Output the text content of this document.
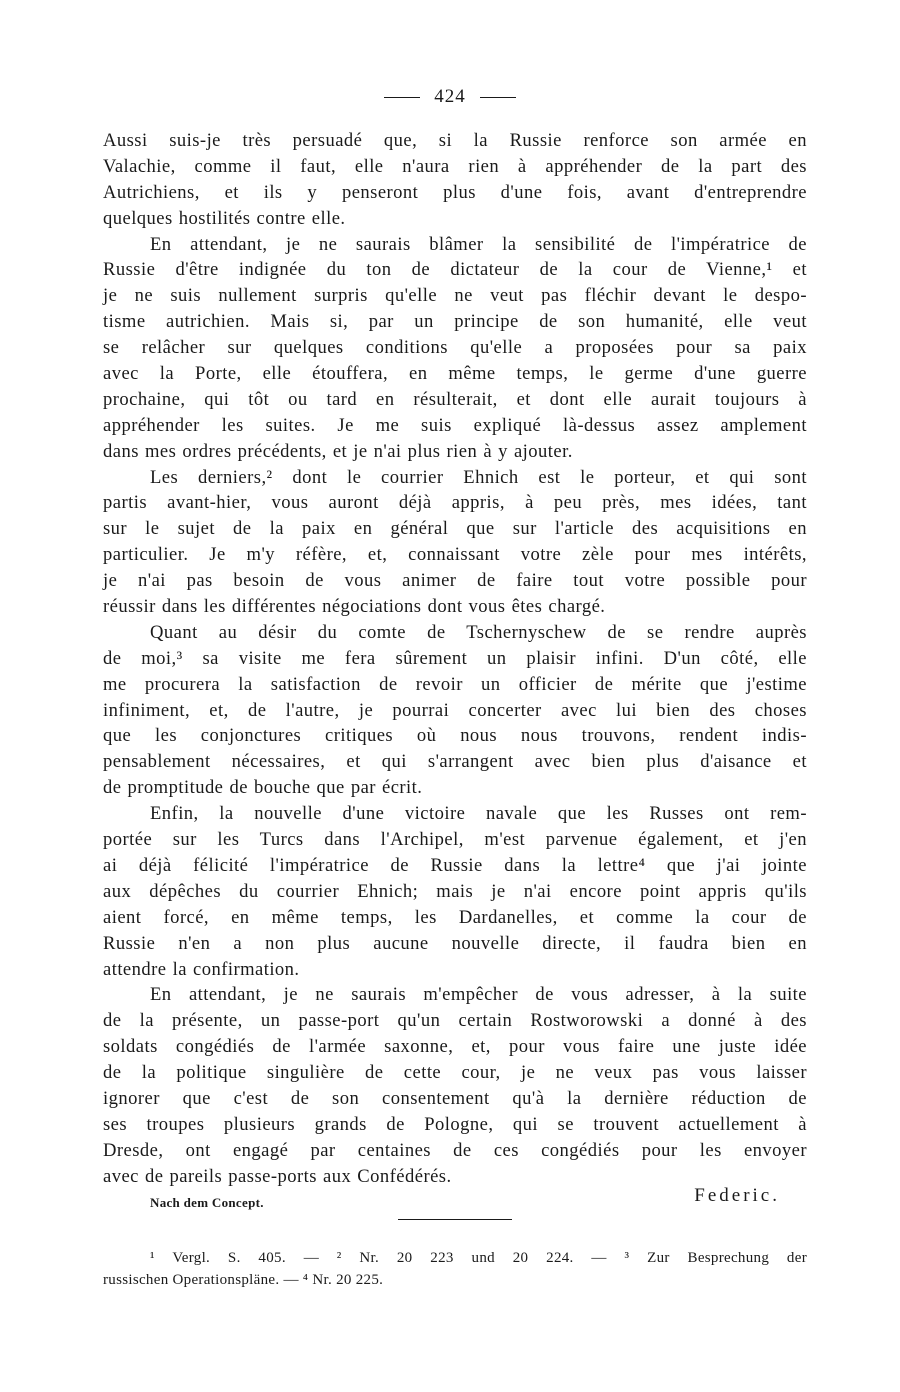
424
Aussi suis-je très persuadé que, si la Russie renforce son armée en
Valachie, comme il faut, elle n'aura rien à appréhender de la part des
Autrichiens, et ils y penseront plus d'une fois, avant d'entreprendre
quelques hostilités contre elle.
En attendant, je ne saurais blâmer la sensibilité de l'impératrice de
Russie d'être indignée du ton de dictateur de la cour de Vienne,¹ et
je ne suis nullement surpris qu'elle ne veut pas fléchir devant le despo-
tisme autrichien. Mais si, par un principe de son humanité, elle veut
se relâcher sur quelques conditions qu'elle a proposées pour sa paix
avec la Porte, elle étouffera, en même temps, le germe d'une guerre
prochaine, qui tôt ou tard en résulterait, et dont elle aurait toujours à
appréhender les suites. Je me suis expliqué là-dessus assez amplement
dans mes ordres précédents, et je n'ai plus rien à y ajouter.
Les derniers,² dont le courrier Ehnich est le porteur, et qui sont
partis avant-hier, vous auront déjà appris, à peu près, mes idées, tant
sur le sujet de la paix en général que sur l'article des acquisitions en
particulier. Je m'y réfère, et, connaissant votre zèle pour mes intérêts,
je n'ai pas besoin de vous animer de faire tout votre possible pour
réussir dans les différentes négociations dont vous êtes chargé.
Quant au désir du comte de Tschernyschew de se rendre auprès
de moi,³ sa visite me fera sûrement un plaisir infini. D'un côté, elle
me procurera la satisfaction de revoir un officier de mérite que j'estime
infiniment, et, de l'autre, je pourrai concerter avec lui bien des choses
que les conjonctures critiques où nous nous trouvons, rendent indis-
pensablement nécessaires, et qui s'arrangent avec bien plus d'aisance et
de promptitude de bouche que par écrit.
Enfin, la nouvelle d'une victoire navale que les Russes ont rem-
portée sur les Turcs dans l'Archipel, m'est parvenue également, et j'en
ai déjà félicité l'impératrice de Russie dans la lettre⁴ que j'ai jointe
aux dépêches du courrier Ehnich; mais je n'ai encore point appris qu'ils
aient forcé, en même temps, les Dardanelles, et comme la cour de
Russie n'en a non plus aucune nouvelle directe, il faudra bien en
attendre la confirmation.
En attendant, je ne saurais m'empêcher de vous adresser, à la suite
de la présente, un passe-port qu'un certain Rostworowski a donné à des
soldats congédiés de l'armée saxonne, et, pour vous faire une juste idée
de la politique singulière de cette cour, je ne veux pas vous laisser
ignorer que c'est de son consentement qu'à la dernière réduction de
ses troupes plusieurs grands de Pologne, qui se trouvent actuellement à
Dresde, ont engagé par centaines de ces congédiés pour les envoyer
avec de pareils passe-ports aux Confédérés.
Nach dem Concept.	Federic.
¹ Vergl. S. 405. — ² Nr. 20 223 und 20 224. — ³ Zur Besprechung der
russischen Operationspläne. — ⁴ Nr. 20 225.
